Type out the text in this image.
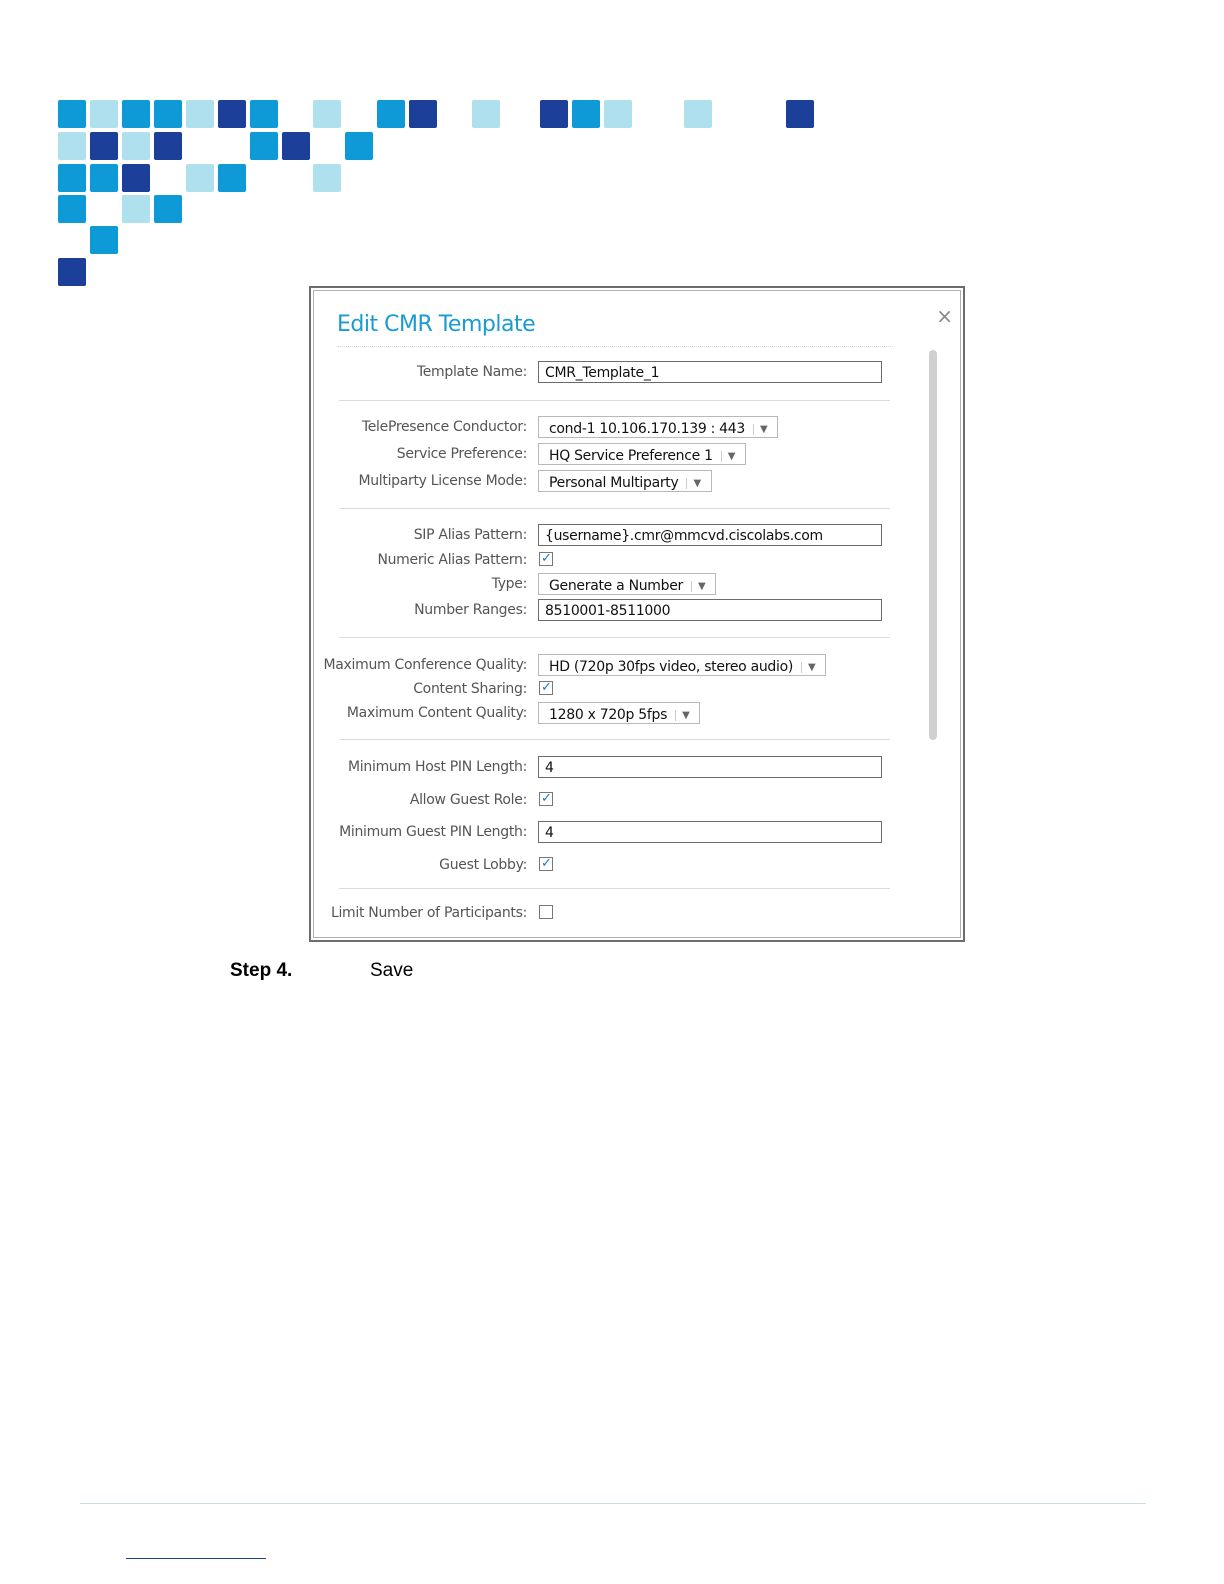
Edit CMR Template	×
Template Name:	CMR_Template_1
TelePresence Conductor:	cond-1 10.106.170.139 : 443 ▼
Service Preference:	HQ Service Preference 1 ▼
Multiparty License Mode:	Personal Multiparty ▼
SIP Alias Pattern:	{username}.cmr@mmcvd.ciscolabs.com
Numeric Alias Pattern: ✓
Type:	Generate a Number ▼
Number Ranges:	8510001-8511000
Maximum Conference Quality:	HD (720p 30fps video, stereo audio) ▼
Content Sharing: ✓
Maximum Content Quality:	1280 x 720p 5fps ▼
Minimum Host PIN Length:	4
Allow Guest Role: ✓
Minimum Guest PIN Length:	4
Guest Lobby: ✓
Limit Number of Participants:
Step 4.	Save
